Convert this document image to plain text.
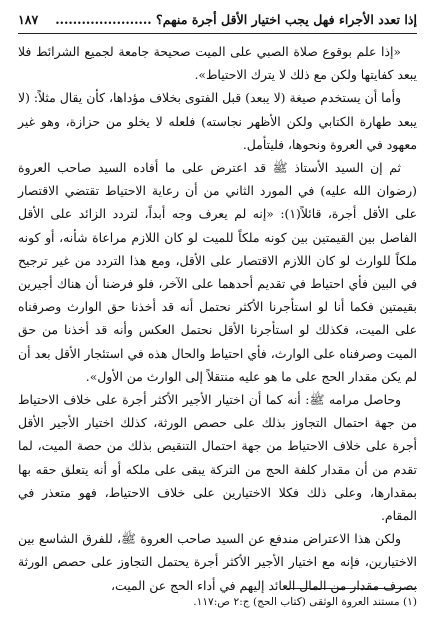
إذا تعدد الأجراء فهل يجب اختيار الأقل أجرة منهم؟ ......................
١٨٧

«إذا علم بوقوع صلاة الصبي على الميت صحيحة جامعة لجميع الشرائط فلا يبعد كفايتها ولكن مع ذلك لا يترك الاحتياط».

وأما أن يستخدم صيغة (لا يبعد) قبل الفتوى بخلاف مؤداها، كأن يقال مثلاً: (لا يبعد طهارة الكتابي ولكن الأظهر نجاسته) فلعله لا يخلو من حزازة، وهو غير معهود في العروة ونحوها، فليتأمل.

ثم إن السيد الأستاذ ﷺ قد اعترض على ما أفاده السيد صاحب العروة (رضوان الله عليه) في المورد الثاني من أن رعاية الاحتياط تقتضي الاقتصار على الأقل أجرة، قائلاً(١): «إنه لم يعرف وجه أبداً، لتردد الزائد على الأقل الفاصل بين القيمتين بين كونه ملكاً للميت لو كان اللازم مراعاة شأنه، أو كونه ملكاً للوارث لو كان اللازم الاقتصار على الأقل، ومع هذا التردد من غير ترجيح في البين فأي احتياط في تقديم أحدهما على الآخر، فلو فرضنا أن هناك أجيرين بقيمتين فكما أنا لو استأجرنا الأكثر نحتمل أنه قد أخذنا حق الوارث وصرفناه على الميت، فكذلك لو استأجرنا الأقل نحتمل العكس وأنه قد أخذنا من حق الميت وصرفناه على الوارث، فأي احتياط والحال هذه في استئجار الأقل بعد أن لم يكن مقدار الحج على ما هو عليه منتقلاً إلى الوارث من الأول».

وحاصل مرامه ﷺ: أنه كما أن اختيار الأجير الأكثر أجرة على خلاف الاحتياط من جهة احتمال التجاوز بذلك على حصص الورثة، كذلك اختيار الأجير الأقل أجرة على خلاف الاحتياط من جهة احتمال التنقيص بذلك من حصة الميت، لما تقدم من أن مقدار كلفة الحج من التركة يبقى على ملكه أو أنه يتعلق حقه بها بمقدارها، وعلى ذلك فكلا الاختيارين على خلاف الاحتياط، فهو متعذر في المقام.

ولكن هذا الاعتراض مندفع عن السيد صاحب العروة ﷺ، للفرق الشاسع بين الاختيارين، فإنه مع اختيار الأجير الأكثر أجرة يحتمل التجاوز على حصص الورثة بصرف مقدار من المال العائد إليهم في أداء الحج عن الميت،

(١) مستند العروة الوثقى (كتاب الحج) ج:٢ ص:١١٧.
